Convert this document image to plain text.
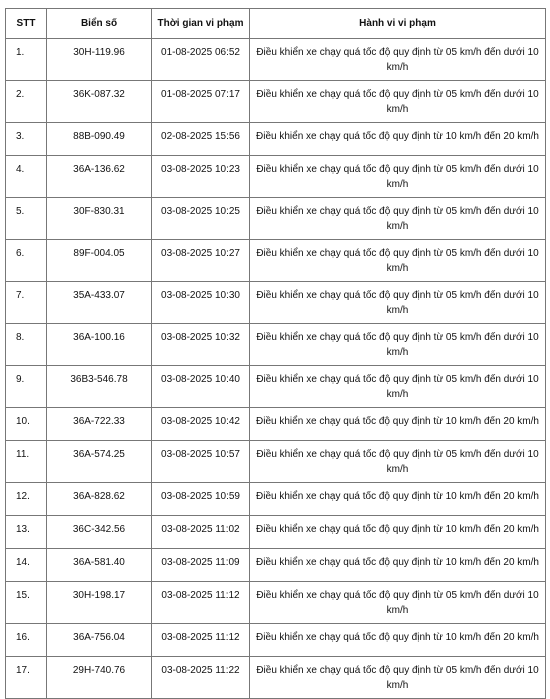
STT	Biển số	Thời gian vi phạm	Hành vi vi phạm
1.	30H-119.96	01-08-2025 06:52	Điều khiển xe chạy quá tốc độ quy định từ 05 km/h đến dưới 10 km/h
2.	36K-087.32	01-08-2025 07:17	Điều khiển xe chạy quá tốc độ quy định từ 05 km/h đến dưới 10 km/h
3.	88B-090.49	02-08-2025 15:56	Điều khiển xe chạy quá tốc độ quy định từ 10 km/h đến 20 km/h
4.	36A-136.62	03-08-2025 10:23	Điều khiển xe chạy quá tốc độ quy định từ 05 km/h đến dưới 10 km/h
5.	30F-830.31	03-08-2025 10:25	Điều khiển xe chạy quá tốc độ quy định từ 05 km/h đến dưới 10 km/h
6.	89F-004.05	03-08-2025 10:27	Điều khiển xe chạy quá tốc độ quy định từ 05 km/h đến dưới 10 km/h
7.	35A-433.07	03-08-2025 10:30	Điều khiển xe chạy quá tốc độ quy định từ 05 km/h đến dưới 10 km/h
8.	36A-100.16	03-08-2025 10:32	Điều khiển xe chạy quá tốc độ quy định từ 05 km/h đến dưới 10 km/h
9.	36B3-546.78	03-08-2025 10:40	Điều khiển xe chạy quá tốc độ quy định từ 05 km/h đến dưới 10 km/h
10.	36A-722.33	03-08-2025 10:42	Điều khiển xe chạy quá tốc độ quy định từ 10 km/h đến 20 km/h
11.	36A-574.25	03-08-2025 10:57	Điều khiển xe chạy quá tốc độ quy định từ 05 km/h đến dưới 10 km/h
12.	36A-828.62	03-08-2025 10:59	Điều khiển xe chạy quá tốc độ quy định từ 10 km/h đến 20 km/h
13.	36C-342.56	03-08-2025 11:02	Điều khiển xe chạy quá tốc độ quy định từ 10 km/h đến 20 km/h
14.	36A-581.40	03-08-2025 11:09	Điều khiển xe chạy quá tốc độ quy định từ 10 km/h đến 20 km/h
15.	30H-198.17	03-08-2025 11:12	Điều khiển xe chạy quá tốc độ quy định từ 05 km/h đến dưới 10 km/h
16.	36A-756.04	03-08-2025 11:12	Điều khiển xe chạy quá tốc độ quy định từ 10 km/h đến 20 km/h
17.	29H-740.76	03-08-2025 11:22	Điều khiển xe chạy quá tốc độ quy định từ 05 km/h đến dưới 10 km/h
